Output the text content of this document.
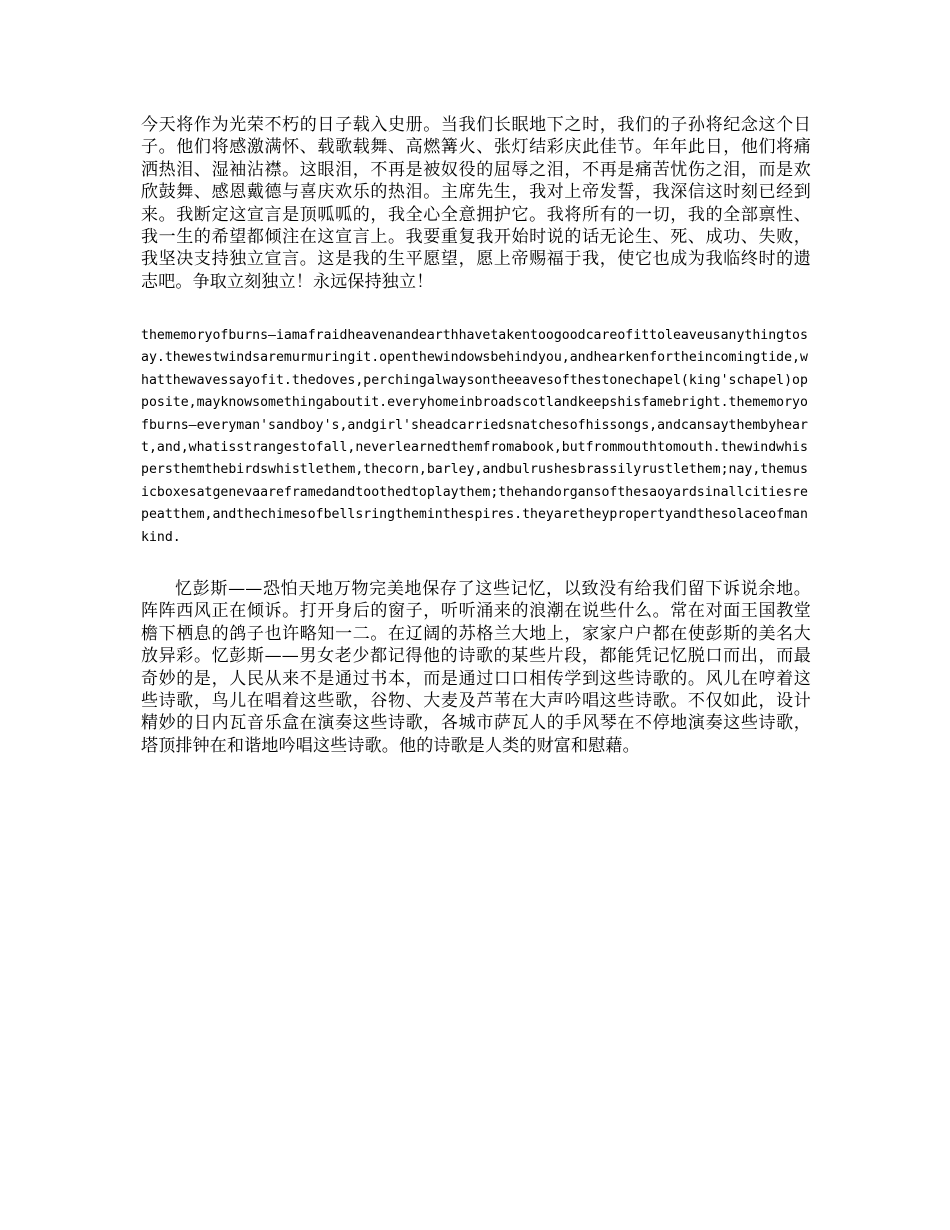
今天将作为光荣不朽的日子载入史册。当我们长眠地下之时，我们的子孙将纪念这个日子。他们将感激满怀、载歌载舞、高燃篝火、张灯结彩庆此佳节。年年此日，他们将痛洒热泪、湿袖沾襟。这眼泪，不再是被奴役的屈辱之泪，不再是痛苦忧伤之泪，而是欢欣鼓舞、感恩戴德与喜庆欢乐的热泪。主席先生，我对上帝发誓，我深信这时刻已经到来。我断定这宣言是顶呱呱的，我全心全意拥护它。我将所有的一切，我的全部禀性、我一生的希望都倾注在这宣言上。我要重复我开始时说的话无论生、死、成功、失败，我坚决支持独立宣言。这是我的生平愿望，愿上帝赐福于我，使它也成为我临终时的遗志吧。争取立刻独立！永远保持独立！

thememoryofburns—iamafraidheavenandearthhavetakentoogoodcareofittoleaveusanythingtosay.thewestwindsaremurmuringit.openthewindowsbehindyou,andhearkenfortheincomingtide,whatthewavessayofit.thedoves,perchingalwaysontheeavesofthestonechapel(king'schapel)opposite,mayknowsomethingaboutit.everyhomeinbroadscotlandkeepshisfamebright.thememoryofburns—everyman'sandboy's,andgirl'sheadcarriedsnatchesofhissongs,andcansaythembyheart,and,whatisstrangestofall,neverlearnedthemfromabook,butfrommouthtomouth.thewindwhispersthemthebirdswhistlethem,thecorn,barley,andbulrushesbrassilyrustlethem;nay,themusicboxesatgenevaareframedandtoothedtoplaythem;thehandorgansofthesaoyardsinallcitiesrepeatthem,andthechimesofbellsringtheminthespires.theyaretheypropertyandthesolaceofmankind.

忆彭斯——恐怕天地万物完美地保存了这些记忆，以致没有给我们留下诉说余地。阵阵西风正在倾诉。打开身后的窗子，听听涌来的浪潮在说些什么。常在对面王国教堂檐下栖息的鸽子也许略知一二。在辽阔的苏格兰大地上，家家户户都在使彭斯的美名大放异彩。忆彭斯——男女老少都记得他的诗歌的某些片段，都能凭记忆脱口而出，而最奇妙的是，人民从来不是通过书本，而是通过口口相传学到这些诗歌的。风儿在哼着这些诗歌，鸟儿在唱着这些歌，谷物、大麦及芦苇在大声吟唱这些诗歌。不仅如此，设计精妙的日内瓦音乐盒在演奏这些诗歌，各城市萨瓦人的手风琴在不停地演奏这些诗歌，塔顶排钟在和谐地吟唱这些诗歌。他的诗歌是人类的财富和慰藉。
